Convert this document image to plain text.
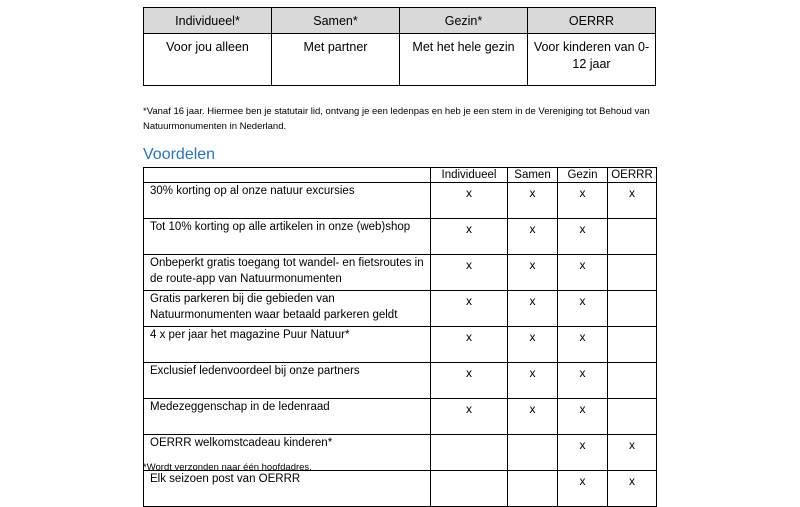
Individueel*	Samen*	Gezin*	OERRR
Voor jou alleen	Met partner	Met het hele gezin	Voor kinderen van 0-12 jaar
*Vanaf 16 jaar. Hiermee ben je statutair lid, ontvang je een ledenpas en heb je een stem in de Vereniging tot Behoud van Natuurmonumenten in Nederland.
Voordelen
	Individueel	Samen	Gezin	OERRR
30% korting op al onze natuur excursies	x	x	x	x
Tot 10% korting op alle artikelen in onze (web)shop	x	x	x	
Onbeperkt gratis toegang tot wandel- en fietsroutes in de route-app van Natuurmonumenten	x	x	x	
Gratis parkeren bij die gebieden van Natuurmonumenten waar betaald parkeren geldt	x	x	x	
4 x per jaar het magazine Puur Natuur*	x	x	x	
Exclusief ledenvoordeel bij onze partners	x	x	x	
Medezeggenschap in de ledenraad	x	x	x	
OERRR welkomstcadeau kinderen*			x	x
Elk seizoen post van OERRR			x	x
*Wordt verzonden naar één hoofdadres.
